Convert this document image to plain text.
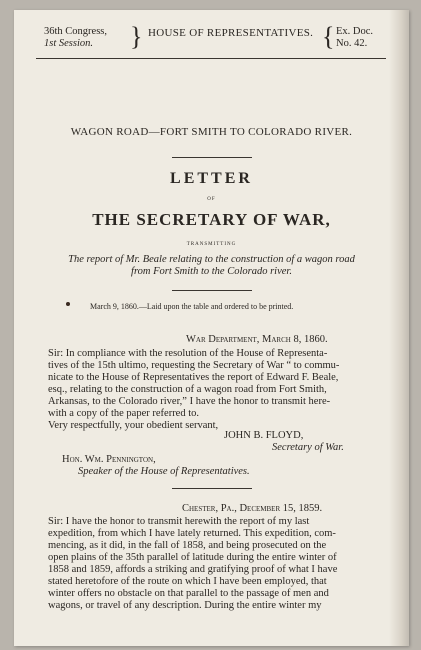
36th Congress,
1st Session.	} HOUSE OF REPRESENTATIVES. { Ex. Doc.
No. 42.
WAGON ROAD—FORT SMITH TO COLORADO RIVER.
LETTER
OF
THE SECRETARY OF WAR,
TRANSMITTING
The report of Mr. Beale relating to the construction of a wagon road
from Fort Smith to the Colorado river.
March 9, 1860.—Laid upon the table and ordered to be printed.
War Department, March 8, 1860.
Sir: In compliance with the resolution of the House of Representa-
tives of the 15th ultimo, requesting the Secretary of War “ to commu-
nicate to the House of Representatives the report of Edward F. Beale,
esq., relating to the construction of a wagon road from Fort Smith,
Arkansas, to the Colorado river,” I have the honor to transmit here-
with a copy of the paper referred to.
Very respectfully, your obedient servant,
JOHN B. FLOYD,
Secretary of War.
Hon. Wm. Pennington,
Speaker of the House of Representatives.
Chester, Pa., December 15, 1859.
Sir: I have the honor to transmit herewith the report of my last
expedition, from which I have lately returned. This expedition, com-
mencing, as it did, in the fall of 1858, and being prosecuted on the
open plains of the 35th parallel of latitude during the entire winter of
1858 and 1859, affords a striking and gratifying proof of what I have
stated heretofore of the route on which I have been employed, that
winter offers no obstacle on that parallel to the passage of men and
wagons, or travel of any description. During the entire winter my
